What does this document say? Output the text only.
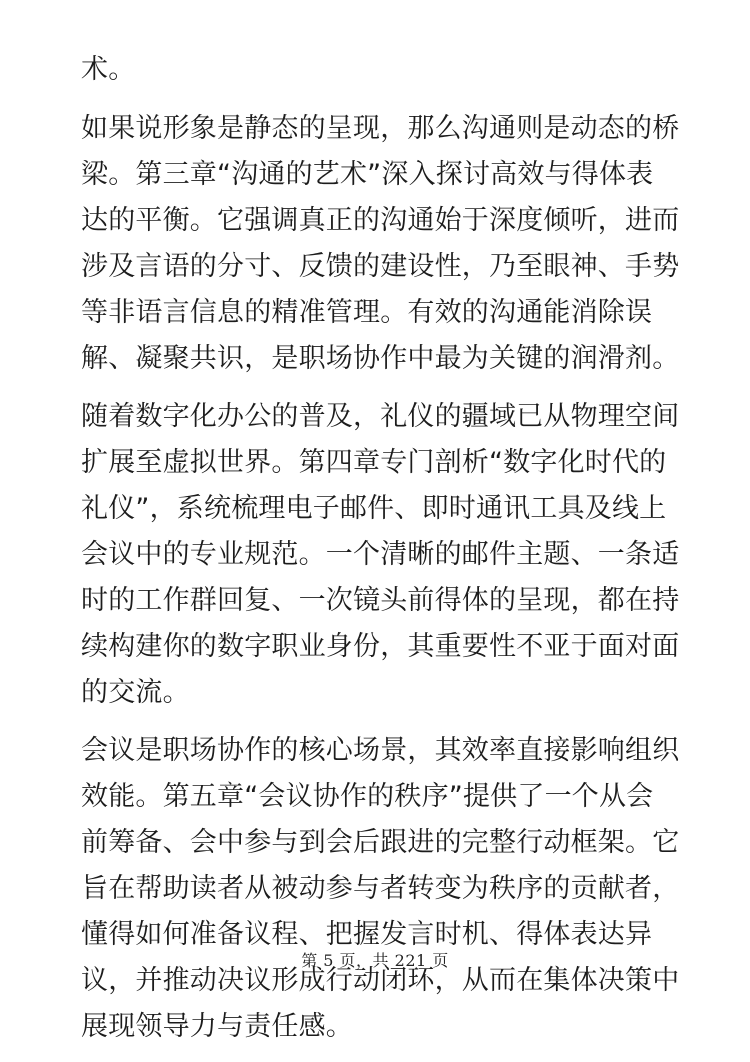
术。

如果说形象是静态的呈现，那么沟通则是动态的桥
梁。第三章“沟通的艺术”深入探讨高效与得体表
达的平衡。它强调真正的沟通始于深度倾听，进而
涉及言语的分寸、反馈的建设性，乃至眼神、手势
等非语言信息的精准管理。有效的沟通能消除误
解、凝聚共识，是职场协作中最为关键的润滑剂。

随着数字化办公的普及，礼仪的疆域已从物理空间
扩展至虚拟世界。第四章专门剖析“数字化时代的
礼仪”，系统梳理电子邮件、即时通讯工具及线上
会议中的专业规范。一个清晰的邮件主题、一条适
时的工作群回复、一次镜头前得体的呈现，都在持
续构建你的数字职业身份，其重要性不亚于面对面
的交流。

会议是职场协作的核心场景，其效率直接影响组织
效能。第五章“会议协作的秩序”提供了一个从会
前筹备、会中参与到会后跟进的完整行动框架。它
旨在帮助读者从被动参与者转变为秩序的贡献者，
懂得如何准备议程、把握发言时机、得体表达异
议，并推动决议形成行动闭环，从而在集体决策中
展现领导力与责任感。

第 5 页，共 221 页
